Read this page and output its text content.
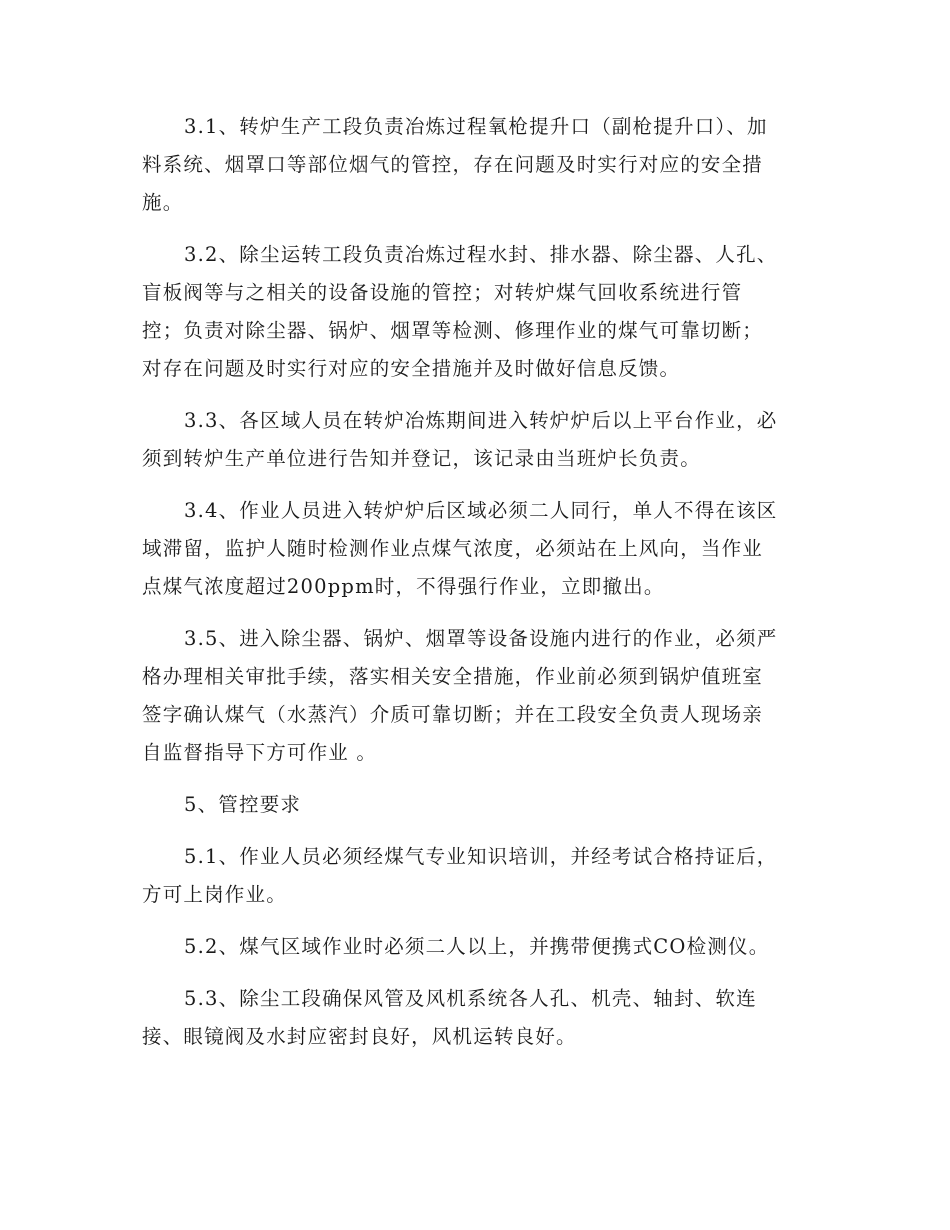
3.1、转炉生产工段负责冶炼过程氧枪提升口（副枪提升口）、加
料系统、烟罩口等部位烟气的管控，存在问题及时实行对应的安全措
施。

3.2、除尘运转工段负责冶炼过程水封、排水器、除尘器、人孔、
盲板阀等与之相关的设备设施的管控；对转炉煤气回收系统进行管
控；负责对除尘器、锅炉、烟罩等检测、修理作业的煤气可靠切断；
对存在问题及时实行对应的安全措施并及时做好信息反馈。

3.3、各区域人员在转炉冶炼期间进入转炉炉后以上平台作业，必
须到转炉生产单位进行告知并登记，该记录由当班炉长负责。

3.4、作业人员进入转炉炉后区域必须二人同行，单人不得在该区
域滞留，监护人随时检测作业点煤气浓度，必须站在上风向，当作业
点煤气浓度超过200ppm时，不得强行作业，立即撤出。

3.5、进入除尘器、锅炉、烟罩等设备设施内进行的作业，必须严
格办理相关审批手续，落实相关安全措施，作业前必须到锅炉值班室
签字确认煤气（水蒸汽）介质可靠切断；并在工段安全负责人现场亲
自监督指导下方可作业 。

5、管控要求

5.1、作业人员必须经煤气专业知识培训，并经考试合格持证后，
方可上岗作业。

5.2、煤气区域作业时必须二人以上，并携带便携式CO检测仪。

5.3、除尘工段确保风管及风机系统各人孔、机壳、轴封、软连
接、眼镜阀及水封应密封良好，风机运转良好。
